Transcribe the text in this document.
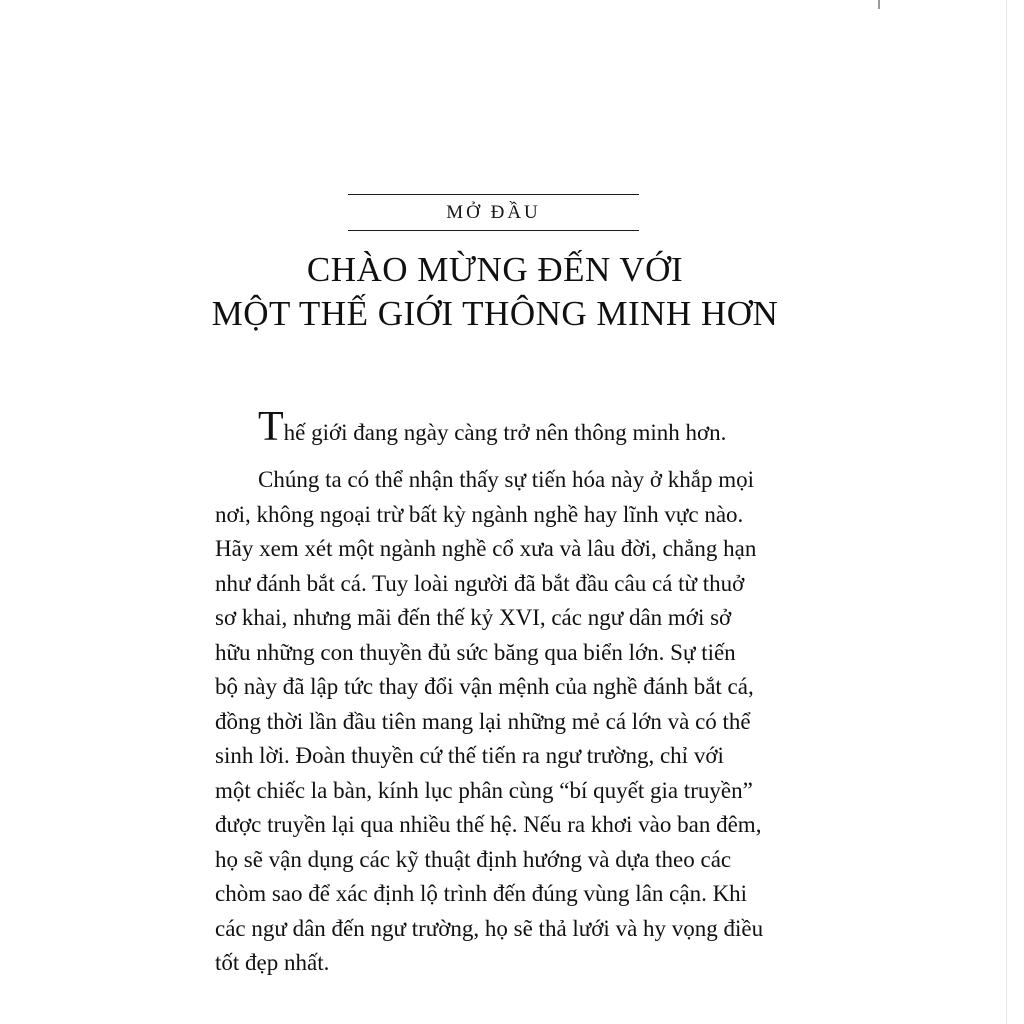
MỞ ĐẦU
CHÀO MỪNG ĐẾN VỚI
MỘT THẾ GIỚI THÔNG MINH HƠN
Thế giới đang ngày càng trở nên thông minh hơn.
Chúng ta có thể nhận thấy sự tiến hóa này ở khắp mọi
nơi, không ngoại trừ bất kỳ ngành nghề hay lĩnh vực nào.
Hãy xem xét một ngành nghề cổ xưa và lâu đời, chẳng hạn
như đánh bắt cá. Tuy loài người đã bắt đầu câu cá từ thuở
sơ khai, nhưng mãi đến thế kỷ XVI, các ngư dân mới sở
hữu những con thuyền đủ sức băng qua biển lớn. Sự tiến
bộ này đã lập tức thay đổi vận mệnh của nghề đánh bắt cá,
đồng thời lần đầu tiên mang lại những mẻ cá lớn và có thể
sinh lời. Đoàn thuyền cứ thế tiến ra ngư trường, chỉ với
một chiếc la bàn, kính lục phân cùng “bí quyết gia truyền”
được truyền lại qua nhiều thế hệ. Nếu ra khơi vào ban đêm,
họ sẽ vận dụng các kỹ thuật định hướng và dựa theo các
chòm sao để xác định lộ trình đến đúng vùng lân cận. Khi
các ngư dân đến ngư trường, họ sẽ thả lưới và hy vọng điều
tốt đẹp nhất.
